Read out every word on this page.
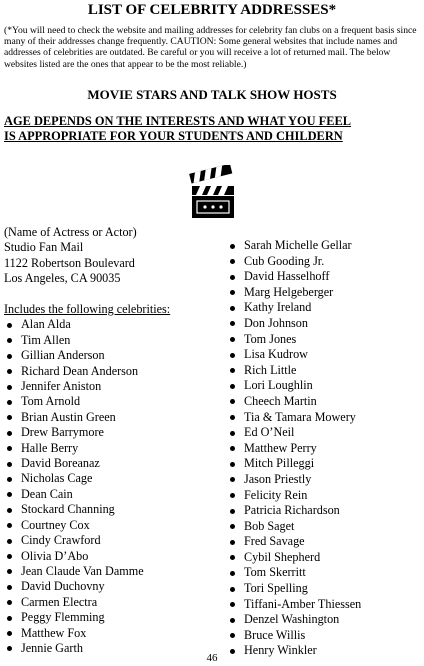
LIST OF CELEBRITY ADDRESSES*
(*You will need to check the website and mailing addresses for celebrity fan clubs on a frequent basis since many of their addresses change frequently. CAUTION: Some general websites that include names and addresses of celebrities are outdated. Be careful or you will receive a lot of returned mail. The below websites listed are the ones that appear to be the most reliable.)
MOVIE STARS AND TALK SHOW HOSTS
AGE DEPENDS ON THE INTERESTS AND WHAT YOU FEEL IS APPROPRIATE FOR YOUR STUDENTS AND CHILDERN
(Name of Actress or Actor)
Studio Fan Mail
1122 Robertson Boulevard
Los Angeles, CA 90035
Includes the following celebrities:
Alan Alda
Tim Allen
Gillian Anderson
Richard Dean Anderson
Jennifer Aniston
Tom Arnold
Brian Austin Green
Drew Barrymore
Halle Berry
David Boreanaz
Nicholas Cage
Dean Cain
Stockard Channing
Courtney Cox
Cindy Crawford
Olivia D’Abo
Jean Claude Van Damme
David Duchovny
Carmen Electra
Peggy Flemming
Matthew Fox
Jennie Garth
Sarah Michelle Gellar
Cub Gooding Jr.
David Hasselhoff
Marg Helgeberger
Kathy Ireland
Don Johnson
Tom Jones
Lisa Kudrow
Rich Little
Lori Loughlin
Cheech Martin
Tia & Tamara Mowery
Ed O’Neil
Matthew Perry
Mitch Pilleggi
Jason Priestly
Felicity Rein
Patricia Richardson
Bob Saget
Fred Savage
Cybil Shepherd
Tom Skerritt
Tori Spelling
Tiffani-Amber Thiessen
Denzel Washington
Bruce Willis
Henry Winkler
46
